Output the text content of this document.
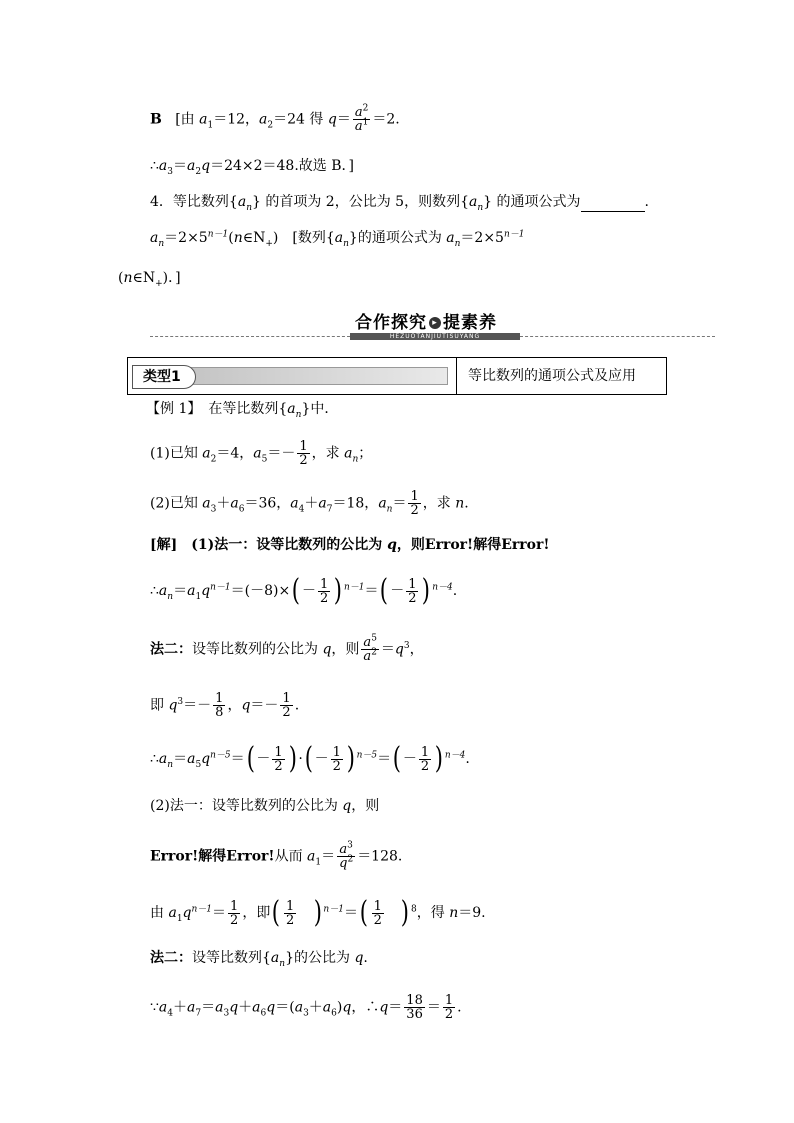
B [由 $a_1=12$，$a_2=24$ 得 $q= \frac{a^2}{a^1} =2$.
$\therefore a_3=a_2q=24\times 2=48$.故选 B．]
4．等比数列$\{a_n\}$ 的首项为 2，公比为 5，则数列$\{a_n\}$ 的通项公式为	.
$a_n=2\times 5^{n-1}(n\in N_+)$　[数列$\{a_n\}$的通项公式为 $a_n=2\times 5^{n-1}$
$(n\in N_+)$．]
合作探究 ▸ 提素养
HEZUOTANJIUTISUYANG
类型1	等比数列的通项公式及应用
【例 1】　在等比数列$\{a_n\}$中．
(1)已知 $a_2=4$，$a_5=- \frac{1}{2}$ ，求 $a_n$；
(2)已知 $a_3+a_6=36$，$a_4+a_7=18$，$a_n= \frac{1}{2}$ ，求 n.
[解]　(1)法一：设等比数列的公比为 q，则Error!解得Error!
$\therefore a_n=a_1q^{n-1}=(-8)\times( - \frac{1}{2}$ ) $^{n-1}=( - \frac{1}{2}$ ) $^{n-4}$.
法二：设等比数列的公比为 q，则 $\frac{a^5}{a^2} =q^3$，
即 $q^3=- \frac{1}{8}$ ，$q=- \frac{1}{2}$ .
$\therefore a_n=a_5q^{n-5}=( - \frac{1}{2}$ ) ·( － $\frac{1}{2}$ ) $^{n-5}=( - \frac{1}{2}$ ) $^{n-4}$.
(2)法一：设等比数列的公比为 q，则
Error!解得Error!从而 $a_1= \frac{a^3}{q^2} =128$.
由 $a_1q^{n-1}= \frac{1}{2}$ ，即( $\frac{1}{2}$ ) $^{n-1}=( \frac{1}{2}$ ) $^8$，得 n＝9.
法二：设等比数列$\{a_n\}$的公比为 q.
$\because a_4+a_7=a_3q+a_6q=(a_3+a_6)q$，∴q＝ $\frac{18}{36} = \frac{1}{2}$ .
